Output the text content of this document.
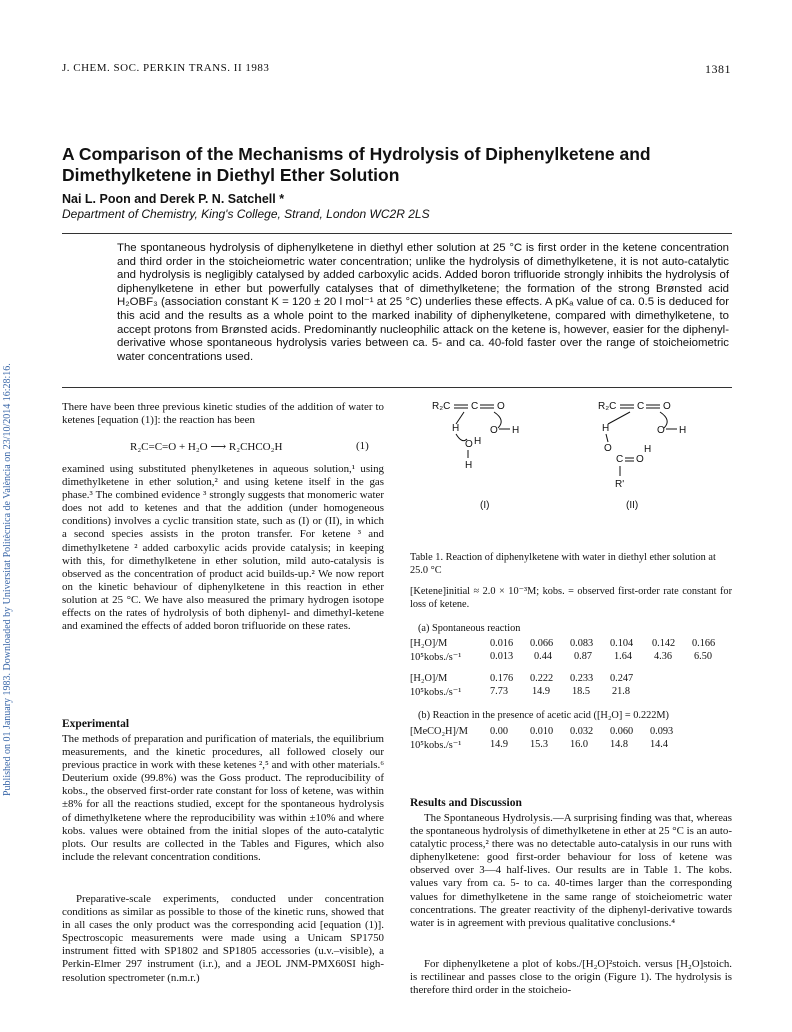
Published on 01 January 1983. Downloaded by Universitat Politècnica de València on 23/10/2014 16:28:16.
J. CHEM. SOC. PERKIN TRANS. II 1983	1381
A Comparison of the Mechanisms of Hydrolysis of Diphenylketene and Dimethylketene in Diethyl Ether Solution
Nai L. Poon and Derek P. N. Satchell *
Department of Chemistry, King's College, Strand, London WC2R 2LS
The spontaneous hydrolysis of diphenylketene in diethyl ether solution at 25 °C is first order in the ketene concentration and third order in the stoicheiometric water concentration; unlike the hydrolysis of dimethylketene, it is not auto-catalytic and hydrolysis is negligibly catalysed by added carboxylic acids. Added boron trifluoride strongly inhibits the hydrolysis of diphenylketene in ether but powerfully catalyses that of dimethylketene; the formation of the strong Brønsted acid H₂OBF₃ (association constant K = 120 ± 20 l mol⁻¹ at 25 °C) underlies these effects. A pKₐ value of ca. 0.5 is deduced for this acid and the results as a whole point to the marked inability of diphenylketene, compared with dimethylketene, to accept protons from Brønsted acids. Predominantly nucleophilic attack on the ketene is, however, easier for the diphenyl-derivative whose spontaneous hydrolysis varies between ca. 5- and ca. 40-fold faster over the range of stoicheiometric water concentrations used.
There have been three previous kinetic studies of the addition of water to ketenes [equation (1)]: the reaction has been
R₂C=C=O + H₂O ⟶ R₂CHCO₂H	(1)
examined using substituted phenylketenes in aqueous solution,¹ using dimethylketene in ether solution,² and using ketene itself in the gas phase.³ The combined evidence ³ strongly suggests that monomeric water does not add to ketenes and that the addition (under homogeneous conditions) involves a cyclic transition state, such as (I) or (II), in which a second species assists in the proton transfer. For ketene ³ and dimethylketene ² added carboxylic acids provide catalysis; in keeping with this, for dimethylketene in ether solution, mild auto-catalysis is observed as the concentration of product acid builds-up.² We now report on the kinetic behaviour of diphenylketene in this reaction in ether solution at 25 °C. We have also measured the primary hydrogen isotope effects on the rates of hydrolysis of both diphenyl- and dimethyl-ketene and examined the effects of added boron trifluoride on these rates.
Experimental
The methods of preparation and purification of materials, the equilibrium measurements, and the kinetic procedures, all followed closely our previous practice in work with these ketenes ²,⁵ and with other materials.⁶ Deuterium oxide (99.8%) was the Goss product. The reproducibility of kobs., the observed first-order rate constant for loss of ketene, was within ±8% for all the reactions studied, except for the spontaneous hydrolysis of dimethylketene where the reproducibility was within ±10% and where kobs. values were obtained from the initial slopes of the auto-catalytic plots. Our results are collected in the Tables and Figures, which also include the relevant concentration conditions.
Preparative-scale experiments, conducted under concentration conditions as similar as possible to those of the kinetic runs, showed that in all cases the only product was the corresponding acid [equation (1)]. Spectroscopic measurements were made using a Unicam SP1750 instrument fitted with SP1802 and SP1805 accessories (u.v.–visible), a Perkin-Elmer 297 instrument (i.r.), and a JEOL JNM-PMX60SI high-resolution spectrometer (n.m.r.)
R₂C C O
H	O H
O H
H
(I)
R₂C C O
H	O H
O	H
C O
R'
(II)
Table 1. Reaction of diphenylketene with water in diethyl ether solution at 25.0 °C
[Ketene]initial ≈ 2.0 × 10⁻³M; kobs. = observed first-order rate constant for loss of ketene.
(a) Spontaneous reaction
[H₂O]/M	0.016 0.066 0.083 0.104 0.142 0.166
10⁵kobs./s⁻¹	0.013 0.44 0.87 1.64 4.36 6.50
[H₂O]/M	0.176 0.222 0.233 0.247
10⁵kobs./s⁻¹	7.73 14.9 18.5 21.8
(b) Reaction in the presence of acetic acid ([H₂O] = 0.222M)
[MeCO₂H]/M 0.00 0.010 0.032 0.060 0.093
10⁵kobs./s⁻¹	14.9 15.3 16.0 14.8 14.4
Results and Discussion
The Spontaneous Hydrolysis.—A surprising finding was that, whereas the spontaneous hydrolysis of dimethylketene in ether at 25 °C is an auto-catalytic process,² there was no detectable auto-catalysis in our runs with diphenylketene: good first-order behaviour for loss of ketene was observed over 3—4 half-lives. Our results are in Table 1. The kobs. values vary from ca. 5- to ca. 40-times larger than the corresponding values for dimethylketene in the same range of stoicheiometric water concentrations. The greater reactivity of the diphenyl-derivative towards water is in agreement with previous qualitative conclusions.⁴
For diphenylketene a plot of kobs./[H₂O]²stoich. versus [H₂O]stoich. is rectilinear and passes close to the origin (Figure 1). The hydrolysis is therefore third order in the stoicheio-
